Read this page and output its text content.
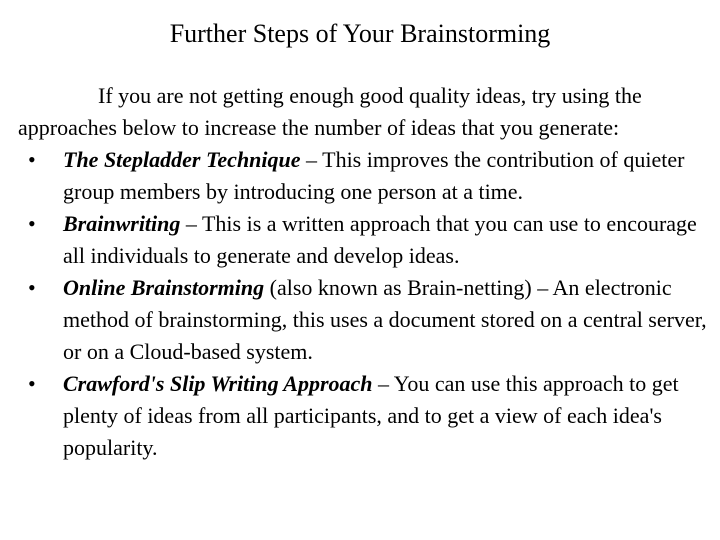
Further Steps of Your Brainstorming

If you are not getting enough good quality ideas, try using the approaches below to increase the number of ideas that you generate:

• The Stepladder Technique – This improves the contribution of quieter group members by introducing one person at a time.
• Brainwriting – This is a written approach that you can use to encourage all individuals to generate and develop ideas.
• Online Brainstorming (also known as Brain-netting) – An electronic method of brainstorming, this uses a document stored on a central server, or on a Cloud-based system.
• Crawford's Slip Writing Approach – You can use this approach to get plenty of ideas from all participants, and to get a view of each idea's popularity.
